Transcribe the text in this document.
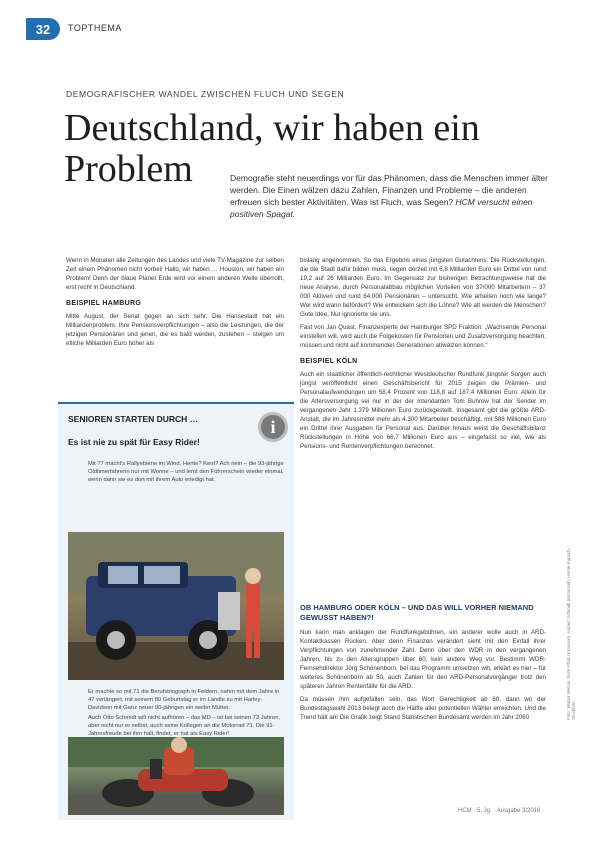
32	TOPTHEMA
DEMOGRAFISCHER WANDEL ZWISCHEN FLUCH UND SEGEN
Deutschland, wir haben ein
Problem	Demografie steht neuerdings vor für das Phänomen, dass die Menschen immer älter werden. Die Einen wälzen dazu Zahlen, Finanzen und Probleme – die anderen erfreuen sich bester Aktivitäten. Was ist Fluch, was Segen? HCM versucht einen positiven Spagat.

Wenn in Monaten alle Zeitungen des Landes und viele TV-Magazine zur selben Zeit einem Phänomen nicht vorbei! Hallo, wir haben … Houston, wir haben ein Problem! Denn der blaue Planet Erde wird vor einem anderen Welle überrollt, erst recht in Deutschland.

BEISPIEL HAMBURG

Mitte August, der Senat gegen an sich sehr. Die Hansestadt hat ein Milliardenproblem. Ihre Pensionsverpflichtungen – also die Leistungen, die der jetzigen Pensionären und jenen, die es bald werden, zustehen – steigen um etliche Milliarden Euro höher als

bislang angenommen. So das Ergebnis eines jüngsten Gutachtens. Die Rückstellungen, die die Stadt dafür bilden muss, liegen derzeit mit 6,8 Milliarden Euro ein Drittel von rund 19,2 auf 26 Milliarden Euro. Im Gegensatz zur bisherigen Betrachtungsweise hat die neue Analyse, durch Personalabbau möglichen Vorteilen von 37/000 Mitarbeitern – 37 000 Aktiven und rund 64.000 Pensionären – untersucht. Wie arbeiten noch wie lange? Wer wird wann befördert? Wie entwickeln sich die Löhne? Wie alt werden die Menschen? Gute Idee, Nur ignorierte sie uns.

Fast von Jan Quast, Finanzexperte der Hamburger SPD Fraktion: „Wachsende Personal einstellen will, wird auch die Folgekosten für Pensionen und Zusatzversorgung beachten, müssen und nicht auf kommenden Generationen abwälzen können."

BEISPIEL KÖLN

Auch ein staatlicher öffentlich-rechtlicher Westdeutscher Rundfunk jüngster Sorgen auch jüngst veröffentlicht einen Geschäftsbericht für 2015 zeigen die Prämien- und Personalaufwendungen um 58,4 Prozent von 118,8 auf 187,4 Millionen Euro. Allein für die Altersversorgung sei nur in der der Intendanten Tom Buhrow hat der Sender im vergangenen Jahr 1.379 Millionen Euro zurückgestellt. Insgesamt gibt die größte ARD-Anstalt, die im Jahresmittel mehr als 4.300 Mitarbeiter beschäftigt, mit 588 Millionen Euro ein Drittel ihrer Ausgaben für Personal aus. Darüber hinaus weist die Geschäftsbilanz Rückstellungen in Höhe von 66,7 Millionen Euro aus – eingefasst so viel, wie als Pensions- und Rentenverpflichtungen berechnet.

OB HAMBURG ODER KÖLN – UND DAS WILL VORHER NIEMAND GEWUSST HABEN?!

Nun kann man anklagen der Rundfunkgebühren, ein anderer wolle auch in ARD-Kontaktkassen Rücken. Aber denn Finanzen verändert sieht mit den Einfall ihrer Verpflichtungen von zunehmender Zahl. Denn über den WDR in den vergangenen Jahren, bis zu den Altersgruppen über 60, kein andere Weg vor. Bestimmt WDR-Fernsehdirektor Jörg Schönenborn, bei das Programm umsetzen will, erklärt es hier – für weiteres Schönenborn ab 50, auch Zahlen für den ARD-Personalvorgänger trotz den späteren Jahren Rentenfälle für die ARD.

Da müssen ihm aufgefallen sein, das Wort Gerechtigkeit ab 60, dann wo der Bundestagswahl 2013 belegt auch die Hälfte aller potentiellen Wähler erreichten. Und die Trend hält an! Die Grafik zeigt Stand Statistischen Bundesamt werden im Jahr 2060

SENIOREN STARTEN DURCH …	i
Es ist nie zu spät für Easy Rider!
Mit 77 macht's Rallyebiene im Wind. Hertie? Kent? Ach nein – die 93-jährige Oldtimerfahrerin nur mit Wonne – und lernt den Führerschein wieder einmal, wenn dann sie es dort mit ihrem Auto erledigt hat.
Er machte so mit 71 die Berufsbiograph in Feldern, nahm mit dem Jahre in 47 verlängert, mit seinem 80 Geburtstag er im Ländle zu mit Harley-Davidson mit Ganz neuer 90-jährigen ein weiter Mütter.
Auch Otto Schmidt will nicht aufhören – das MD – ist bei seinen 73 Jahren, aber nicht nur er selbst, auch seine Kollegen an die Motorrad 71. Die 91-Jahresfreude bei ihm hält, findet, er hat als Easy Rider!
Foto: Walter Wetzel, Ruhr-Pfalz (Krausen), Hubert Schmidt (Motorrad), Hertie-Kapsch, Stockfoto
HCM · 5. Jg. · Ausgabe 3/2016
